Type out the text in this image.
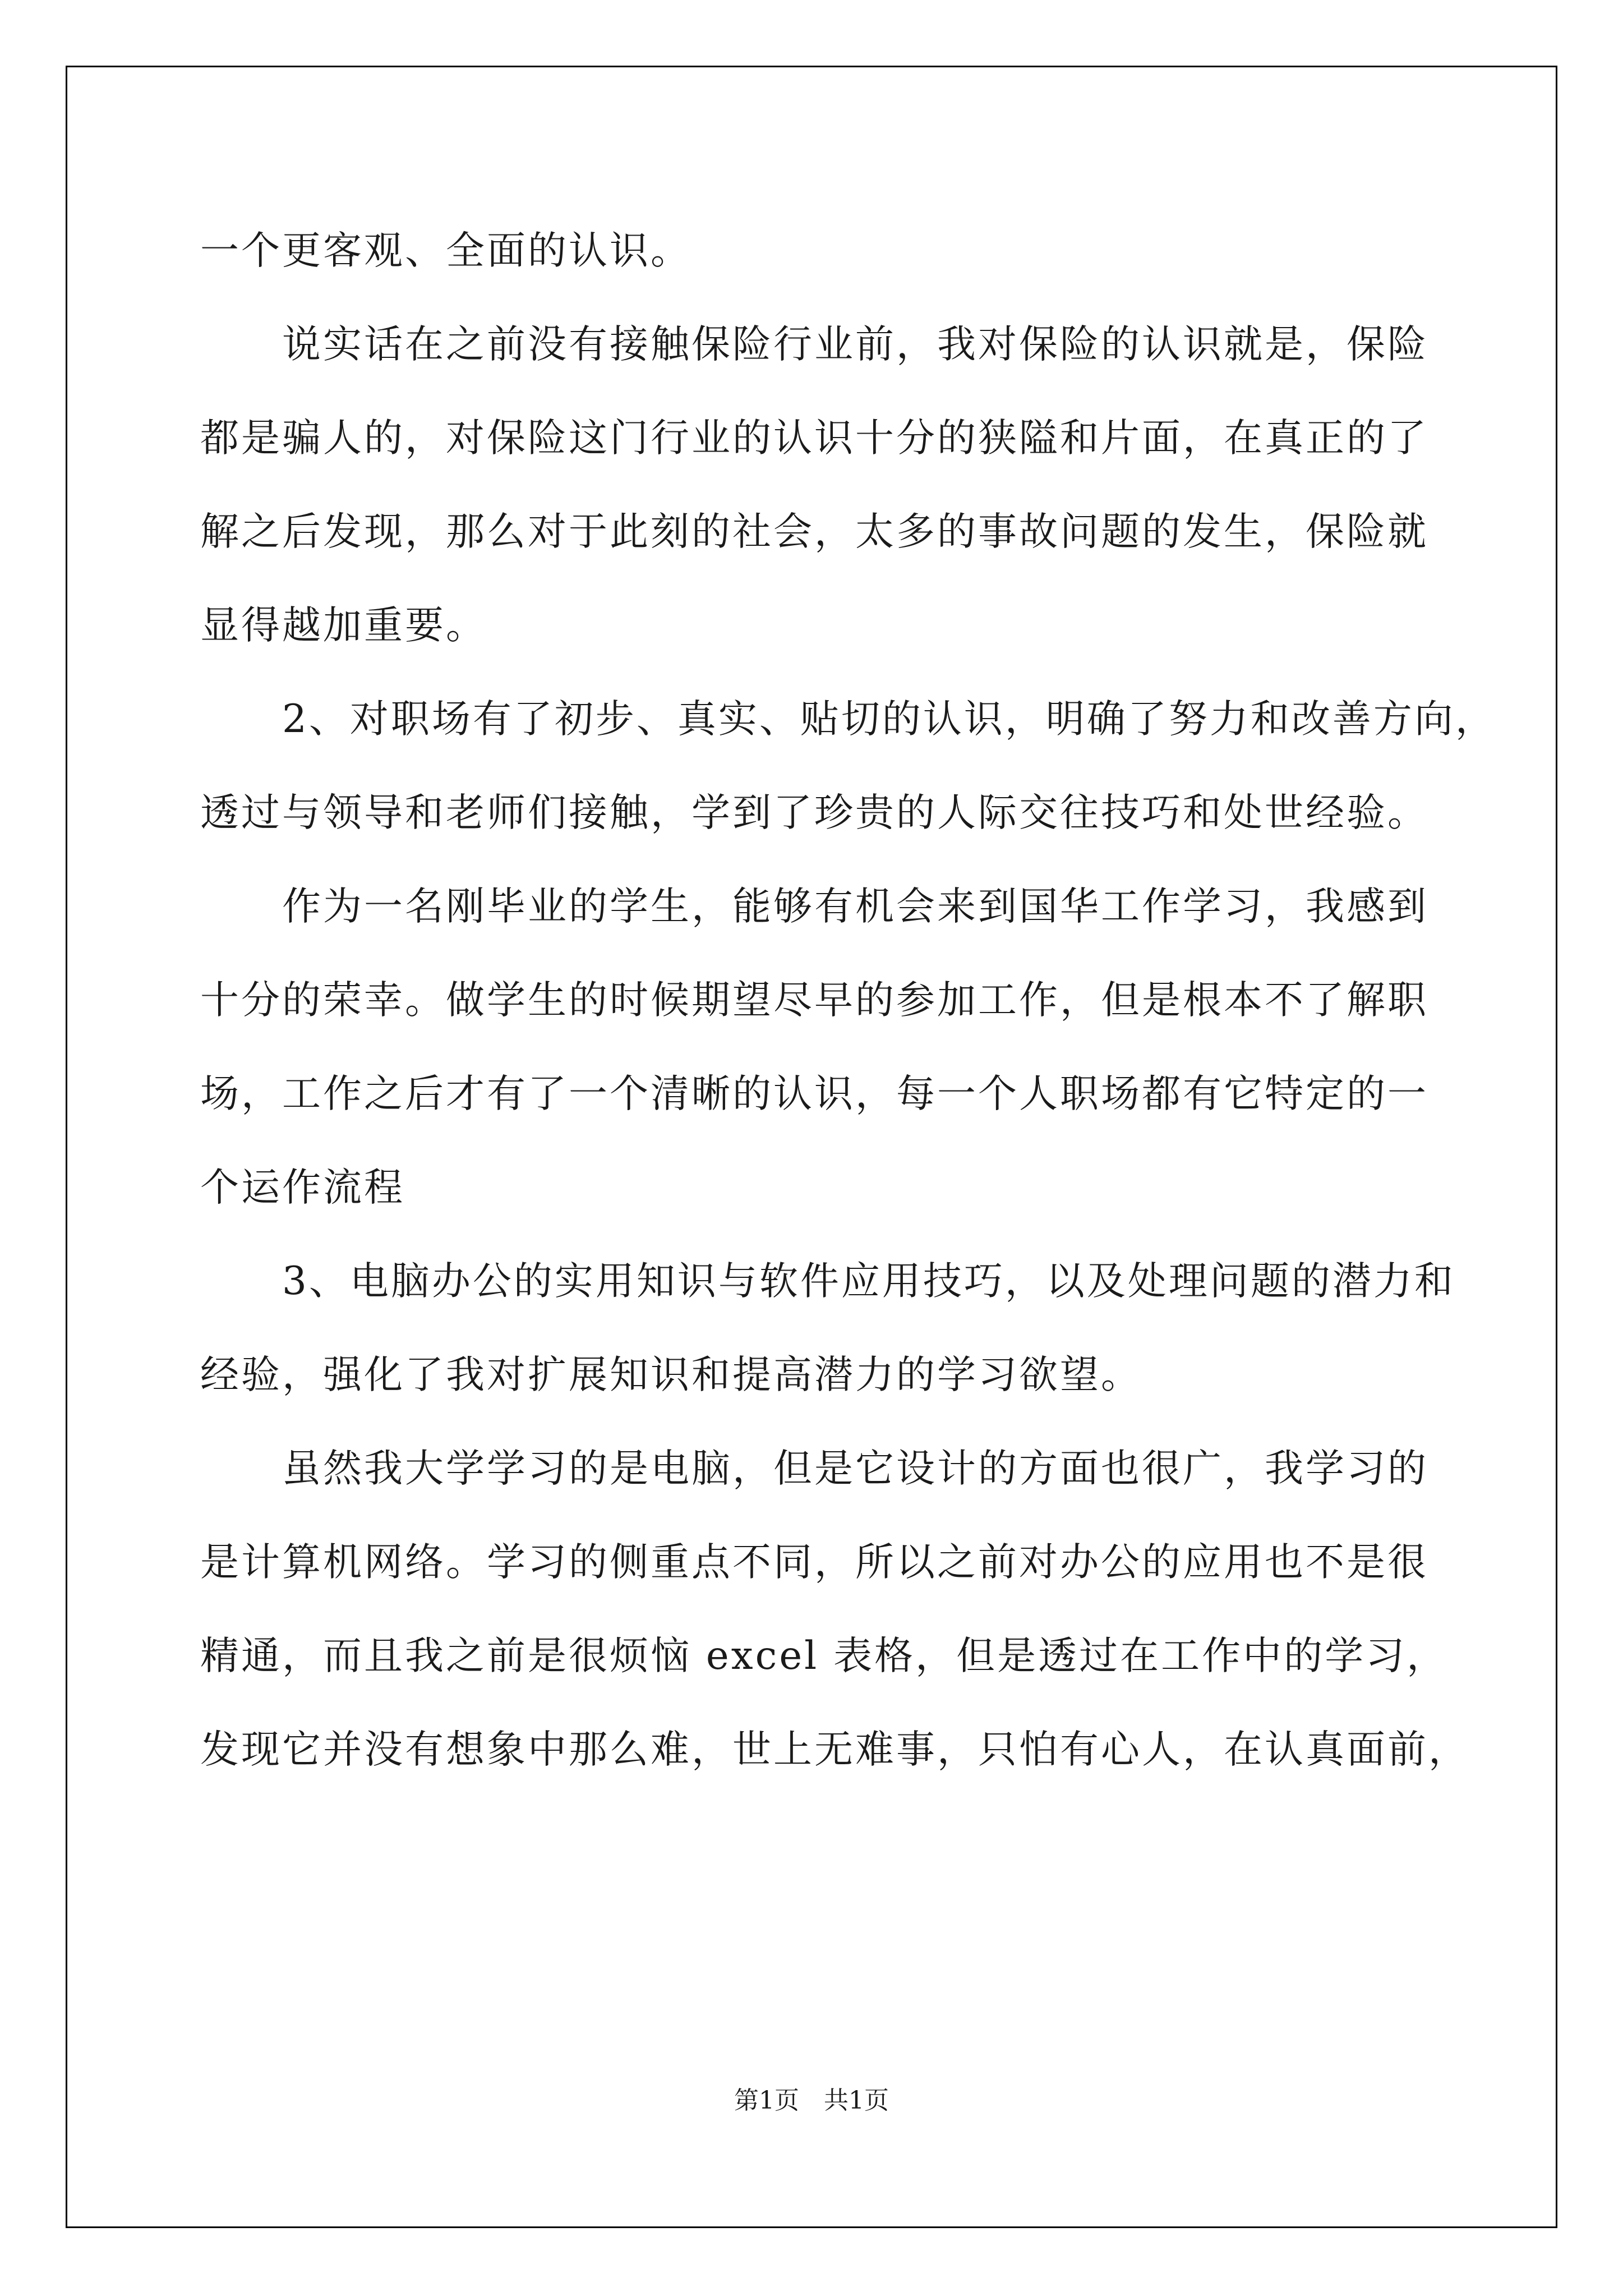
一个更客观、全面的认识。
　　说实话在之前没有接触保险行业前，我对保险的认识就是，保险
都是骗人的，对保险这门行业的认识十分的狭隘和片面，在真正的了
解之后发现，那么对于此刻的社会，太多的事故问题的发生，保险就
显得越加重要。
　　2、对职场有了初步、真实、贴切的认识，明确了努力和改善方向，
透过与领导和老师们接触，学到了珍贵的人际交往技巧和处世经验。
　　作为一名刚毕业的学生，能够有机会来到国华工作学习，我感到
十分的荣幸。做学生的时候期望尽早的参加工作，但是根本不了解职
场，工作之后才有了一个清晰的认识，每一个人职场都有它特定的一
个运作流程
　　3、电脑办公的实用知识与软件应用技巧，以及处理问题的潜力和
经验，强化了我对扩展知识和提高潜力的学习欲望。
　　虽然我大学学习的是电脑，但是它设计的方面也很广，我学习的
是计算机网络。学习的侧重点不同，所以之前对办公的应用也不是很
精通，而且我之前是很烦恼 excel 表格，但是透过在工作中的学习，
发现它并没有想象中那么难，世上无难事，只怕有心人，在认真面前，
第1页　共1页
